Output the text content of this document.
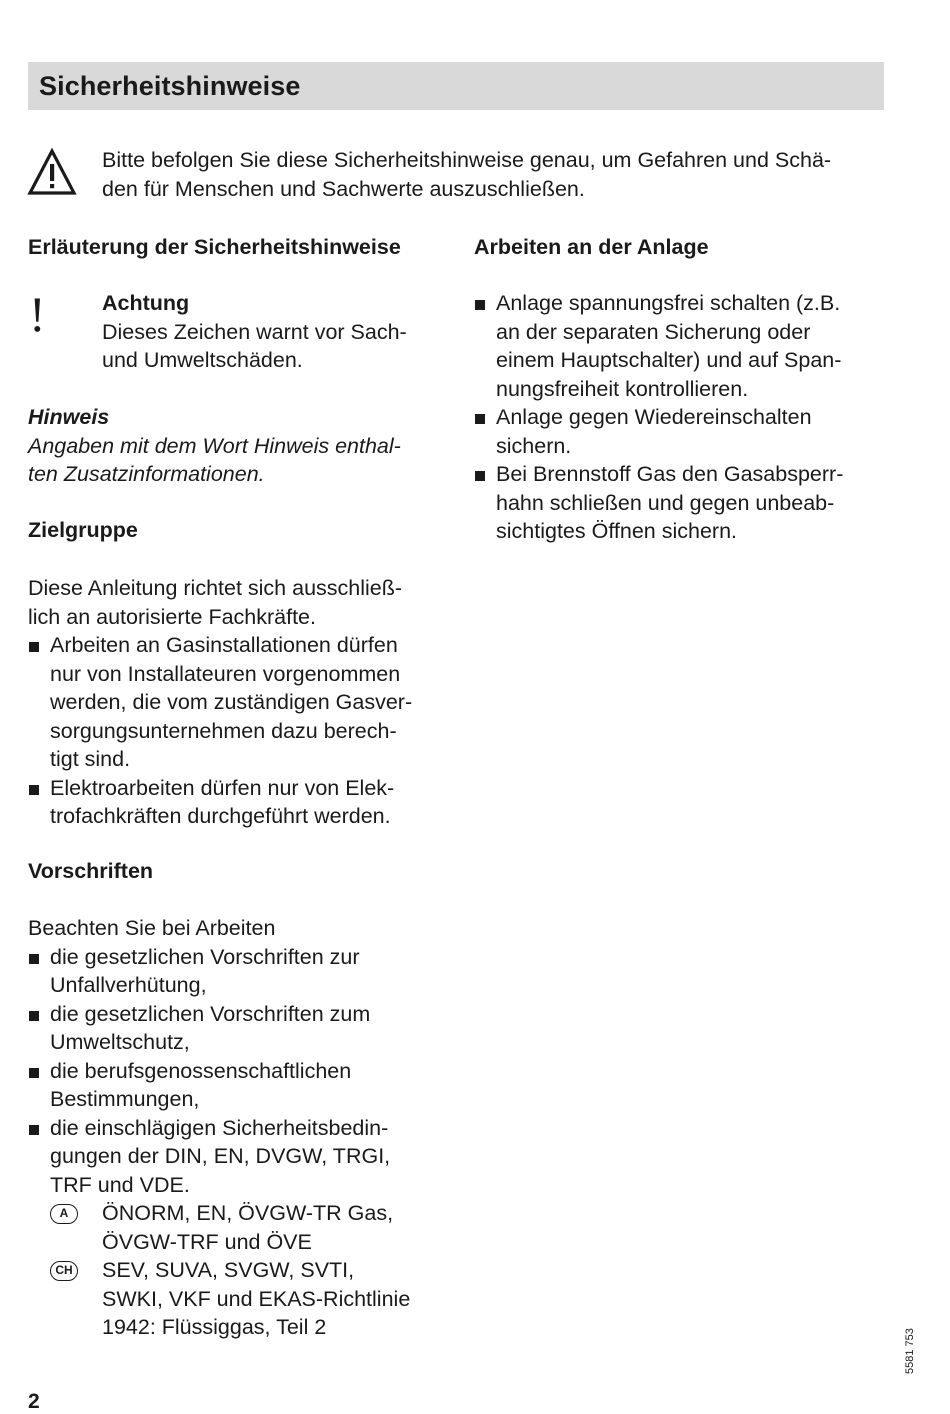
Sicherheitshinweise
Bitte befolgen Sie diese Sicherheitshinweise genau, um Gefahren und Schä-
den für Menschen und Sachwerte auszuschließen.
Erläuterung der Sicherheitshinweise
!	Achtung
Dieses Zeichen warnt vor Sach-
und Umweltschäden.
Hinweis
Angaben mit dem Wort Hinweis enthal-
ten Zusatzinformationen.
Zielgruppe
Diese Anleitung richtet sich ausschließ-
lich an autorisierte Fachkräfte.
Arbeiten an Gasinstallationen dürfen
nur von Installateuren vorgenommen
werden, die vom zuständigen Gasver-
sorgungsunternehmen dazu berech-
tigt sind.
Elektroarbeiten dürfen nur von Elek-
trofachkräften durchgeführt werden.
Vorschriften
Beachten Sie bei Arbeiten
die gesetzlichen Vorschriften zur
Unfallverhütung,
die gesetzlichen Vorschriften zum
Umweltschutz,
die berufsgenossenschaftlichen
Bestimmungen,
die einschlägigen Sicherheitsbedin-
gungen der DIN, EN, DVGW, TRGI,
TRF und VDE.
A	ÖNORM, EN, ÖVGW-TR Gas,
ÖVGW-TRF und ÖVE
CH SEV, SUVA, SVGW, SVTI,
SWKI, VKF und EKAS-Richtlinie
1942: Flüssiggas, Teil 2
Arbeiten an der Anlage
Anlage spannungsfrei schalten (z.B.
an der separaten Sicherung oder
einem Hauptschalter) und auf Span-
nungsfreiheit kontrollieren.
Anlage gegen Wiedereinschalten
sichern.
Bei Brennstoff Gas den Gasabsperr-
hahn schließen und gegen unbeab-
sichtigtes Öffnen sichern.
5581 753
2
